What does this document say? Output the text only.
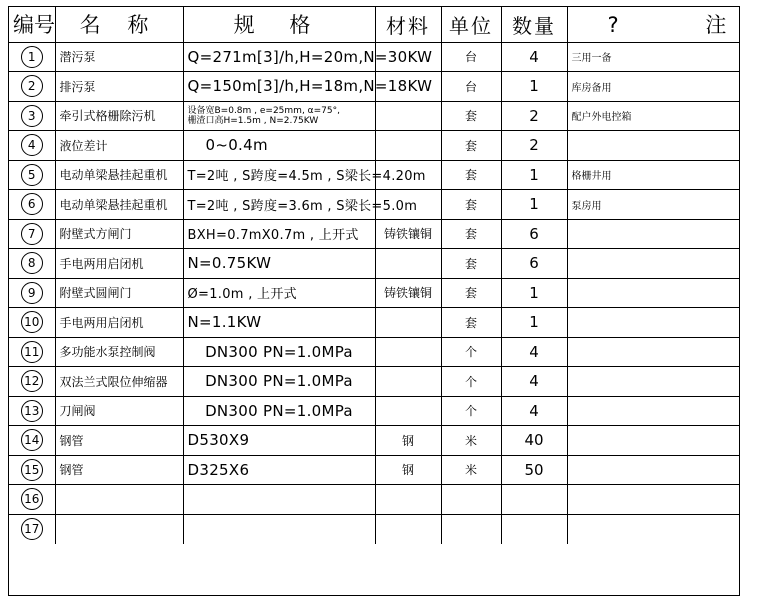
编号	名 称	规 格	材料	单位	数量	? 注
1	潜污泵	Q=271m[3]/h,H=20m,N=30KW		台	4	三用一备
2	排污泵	Q=150m[3]/h,H=18m,N=18KW		台	1	库房备用
3	牵引式格栅除污机	设备宽B=0.8m , e=25mm, α=75°,
栅渣口高H=1.5m , N=2.75KW		套	2	配户外电控箱
4	液位差计	0~0.4m		套	2	
5	电动单梁悬挂起重机	T=2吨 , S跨度=4.5m , S梁长=4.20m		套	1	格栅井用
6	电动单梁悬挂起重机	T=2吨 , S跨度=3.6m , S梁长=5.0m		套	1	泵房用
7	附壁式方闸门	BXH=0.7mX0.7m , 上开式	铸铁镶铜	套	6	
8	手电两用启闭机	N=0.75KW		套	6	
9	附壁式圆闸门	Ø=1.0m , 上开式	铸铁镶铜	套	1	
10	手电两用启闭机	N=1.1KW		套	1	
11	多功能水泵控制阀	DN300 PN=1.0MPa		个	4	
12	双法兰式限位伸缩器	DN300 PN=1.0MPa		个	4	
13	刀闸阀	DN300 PN=1.0MPa		个	4	
14	钢管	D530X9	钢	米	40	
15	钢管	D325X6	钢	米	50	
16						
17						
